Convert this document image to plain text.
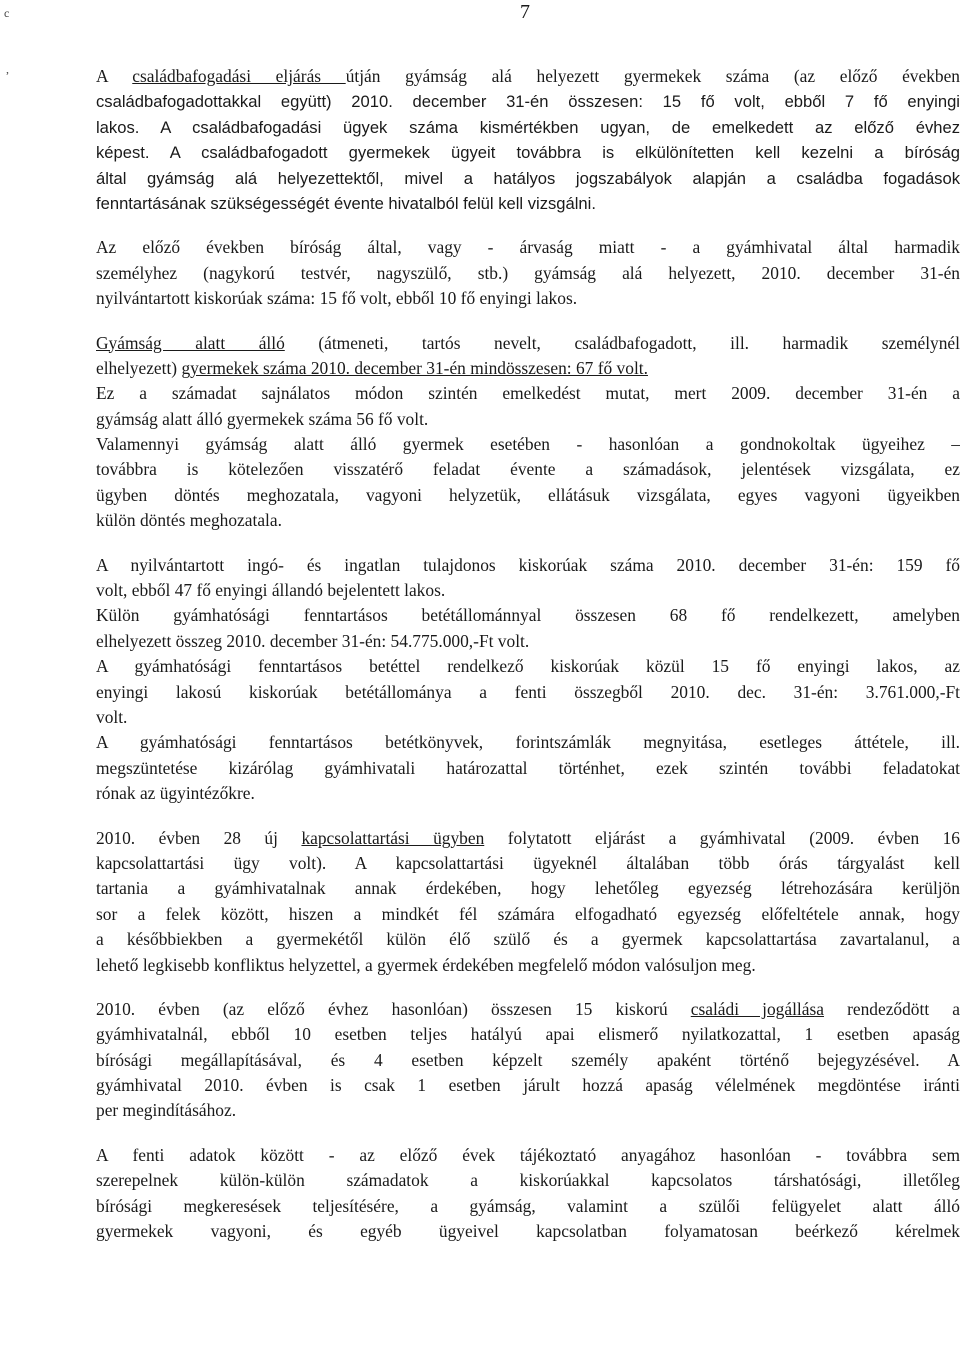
c
,
7
A családbafogadási eljárás útján gyámság alá helyezett gyermekek száma (az előző években
családbafogadottakkal együtt) 2010. december 31-én összesen: 15 fő volt, ebből 7 fő enyingi
lakos. A családbafogadási ügyek száma kismértékben ugyan, de emelkedett az előző évhez
képest. A családbafogadott gyermekek ügyeit továbbra is elkülönítetten kell kezelni a bíróság
által gyámság alá helyezettektől, mivel a hatályos jogszabályok alapján a családba fogadások
fenntartásának szükségességét évente hivatalból felül kell vizsgálni.
Az előző években bíróság által, vagy - árvaság miatt - a gyámhivatal által harmadik
személyhez (nagykorú testvér, nagyszülő, stb.) gyámság alá helyezett, 2010. december 31-én
nyilvántartott kiskorúak száma: 15 fő volt, ebből 10 fő enyingi lakos.
Gyámság alatt álló (átmeneti, tartós nevelt, családbafogadott, ill. harmadik személynél
elhelyezett) gyermekek száma 2010. december 31-én mindösszesen: 67 fő volt.
Ez a számadat sajnálatos módon szintén emelkedést mutat, mert 2009. december 31-én a
gyámság alatt álló gyermekek száma 56 fő volt.
Valamennyi gyámság alatt álló gyermek esetében - hasonlóan a gondnokoltak ügyeihez –
továbbra is kötelezően visszatérő feladat évente a számadások, jelentések vizsgálata, ez
ügyben döntés meghozatala, vagyoni helyzetük, ellátásuk vizsgálata, egyes vagyoni ügyeikben
külön döntés meghozatala.
A nyilvántartott ingó- és ingatlan tulajdonos kiskorúak száma 2010. december 31-én: 159 fő
volt, ebből 47 fő enyingi állandó bejelentett lakos.
Külön gyámhatósági fenntartásos betétállománnyal összesen 68 fő rendelkezett, amelyben
elhelyezett összeg 2010. december 31-én: 54.775.000,-Ft volt.
A gyámhatósági fenntartásos betéttel rendelkező kiskorúak közül 15 fő enyingi lakos, az
enyingi lakosú kiskorúak betétállománya a fenti összegből 2010. dec. 31-én: 3.761.000,-Ft
volt.
A gyámhatósági fenntartásos betétkönyvek, forintszámlák megnyitása, esetleges áttétele, ill.
megszüntetése kizárólag gyámhivatali határozattal történhet, ezek szintén további feladatokat
rónak az ügyintézőkre.
2010. évben 28 új kapcsolattartási ügyben folytatott eljárást a gyámhivatal (2009. évben 16
kapcsolattartási ügy volt). A kapcsolattartási ügyeknél általában több órás tárgyalást kell
tartania a gyámhivatalnak annak érdekében, hogy lehetőleg egyezség létrehozására kerüljön
sor a felek között, hiszen a mindkét fél számára elfogadható egyezség előfeltétele annak, hogy
a későbbiekben a gyermekétől külön élő szülő és a gyermek kapcsolattartása zavartalanul, a
lehető legkisebb konfliktus helyzettel, a gyermek érdekében megfelelő módon valósuljon meg.
2010. évben (az előző évhez hasonlóan) összesen 15 kiskorú családi jogállása rendeződött a
gyámhivatalnál, ebből 10 esetben teljes hatályú apai elismerő nyilatkozattal, 1 esetben apaság
bírósági megállapításával, és 4 esetben képzelt személy apaként történő bejegyzésével. A
gyámhivatal 2010. évben is csak 1 esetben járult hozzá apaság vélelmének megdöntése iránti
per megindításához.
A fenti adatok között - az előző évek tájékoztató anyagához hasonlóan - továbbra sem
szerepelnek külön-külön számadatok a kiskorúakkal kapcsolatos társhatósági, illetőleg
bírósági megkeresések teljesítésére, a gyámság, valamint a szülői felügyelet alatt álló
gyermekek vagyoni, és egyéb ügyeivel kapcsolatban folyamatosan beérkező kérelmek
